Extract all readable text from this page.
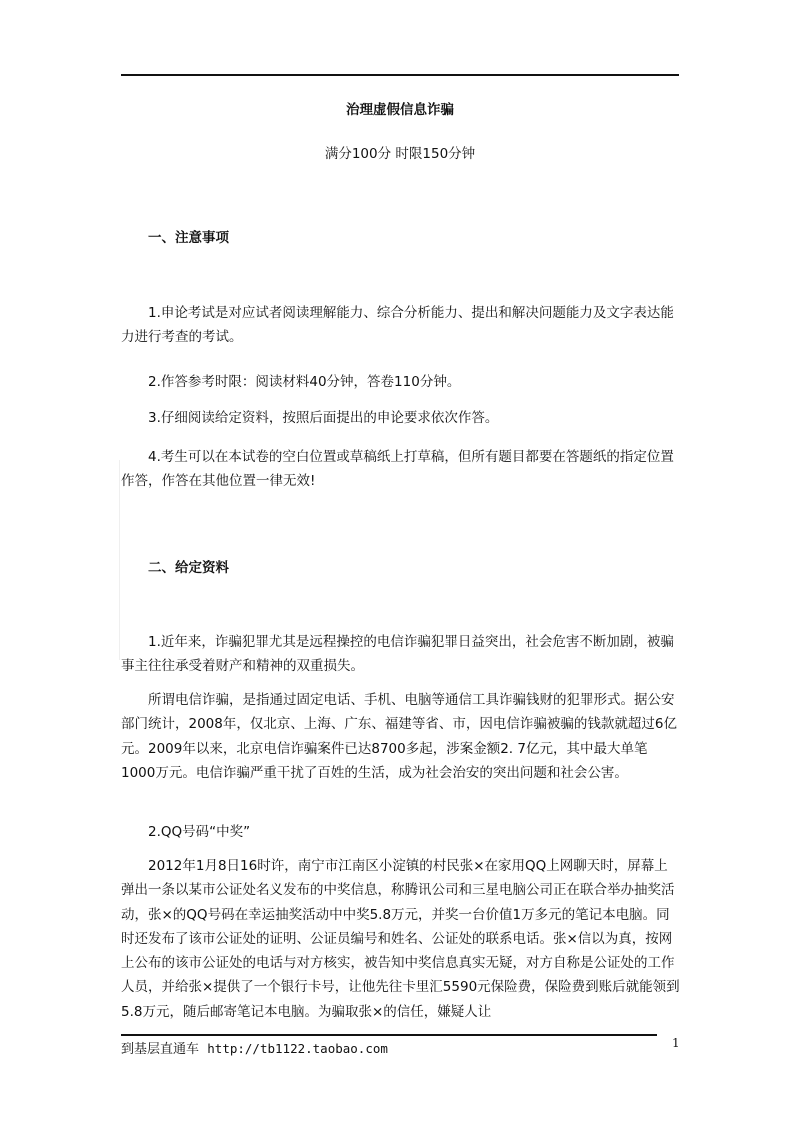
治理虚假信息诈骗
满分100分 时限150分钟
一、注意事项
1.申论考试是对应试者阅读理解能力、综合分析能力、提出和解决问题能力及文字表达能力进行考查的考试。
2.作答参考时限：阅读材料40分钟，答卷110分钟。
3.仔细阅读给定资料，按照后面提出的申论要求依次作答。
4.考生可以在本试卷的空白位置或草稿纸上打草稿，但所有题目都要在答题纸的指定位置作答，作答在其他位置一律无效!
二、给定资料
1.近年来，诈骗犯罪尤其是远程操控的电信诈骗犯罪日益突出，社会危害不断加剧，被骗事主往往承受着财产和精神的双重损失。
所谓电信诈骗，是指通过固定电话、手机、电脑等通信工具诈骗钱财的犯罪形式。据公安部门统计，2008年，仅北京、上海、广东、福建等省、市，因电信诈骗被骗的钱款就超过6亿元。2009年以来，北京电信诈骗案件已达8700多起，涉案金额2. 7亿元，其中最大单笔1000万元。电信诈骗严重干扰了百姓的生活，成为社会治安的突出问题和社会公害。
2.QQ号码“中奖”
2012年1月8日16时许，南宁市江南区小淀镇的村民张×在家用QQ上网聊天时，屏幕上弹出一条以某市公证处名义发布的中奖信息，称腾讯公司和三星电脑公司正在联合举办抽奖活动，张×的QQ号码在幸运抽奖活动中中奖5.8万元，并奖一台价值1万多元的笔记本电脑。同时还发布了该市公证处的证明、公证员编号和姓名、公证处的联系电话。张×信以为真，按网上公布的该市公证处的电话与对方核实，被告知中奖信息真实无疑，对方自称是公证处的工作人员，并给张×提供了一个银行卡号，让他先往卡里汇5590元保险费，保险费到账后就能领到5.8万元，随后邮寄笔记本电脑。为骗取张×的信任，嫌疑人让
到基层直通车 http://tb1122.taobao.com	1
